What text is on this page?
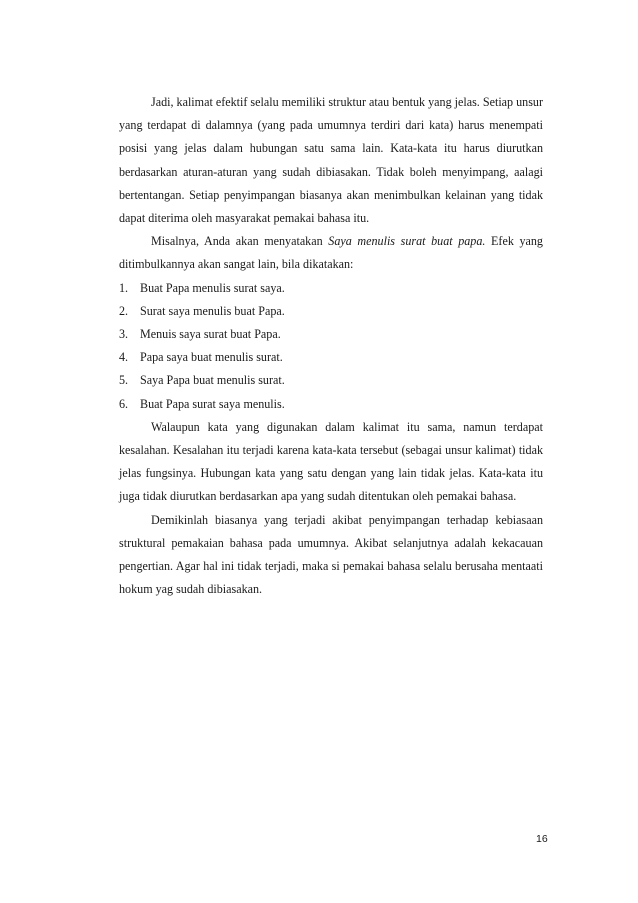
Jadi, kalimat efektif selalu memiliki struktur atau bentuk yang jelas. Setiap unsur yang terdapat di dalamnya (yang pada umumnya terdiri dari kata) harus menempati posisi yang jelas dalam hubungan satu sama lain. Kata-kata itu harus diurutkan berdasarkan aturan-aturan yang sudah dibiasakan. Tidak boleh menyimpang, aalagi bertentangan. Setiap penyimpangan biasanya akan menimbulkan kelainan yang tidak dapat diterima oleh masyarakat pemakai bahasa itu.

Misalnya, Anda akan menyatakan Saya menulis surat buat papa. Efek yang ditimbulkannya akan sangat lain, bila dikatakan:

1. Buat Papa menulis surat saya.
2. Surat saya menulis buat Papa.
3. Menuis saya surat buat Papa.
4. Papa saya buat menulis surat.
5. Saya Papa buat menulis surat.
6. Buat Papa surat saya menulis.

Walaupun kata yang digunakan dalam kalimat itu sama, namun terdapat kesalahan. Kesalahan itu terjadi karena kata-kata tersebut (sebagai unsur kalimat) tidak jelas fungsinya. Hubungan kata yang satu dengan yang lain tidak jelas. Kata-kata itu juga tidak diurutkan berdasarkan apa yang sudah ditentukan oleh pemakai bahasa.

Demikinlah biasanya yang terjadi akibat penyimpangan terhadap kebiasaan struktural pemakaian bahasa pada umumnya. Akibat selanjutnya adalah kekacauan pengertian. Agar hal ini tidak terjadi, maka si pemakai bahasa selalu berusaha mentaati hokum yag sudah dibiasakan.

16
